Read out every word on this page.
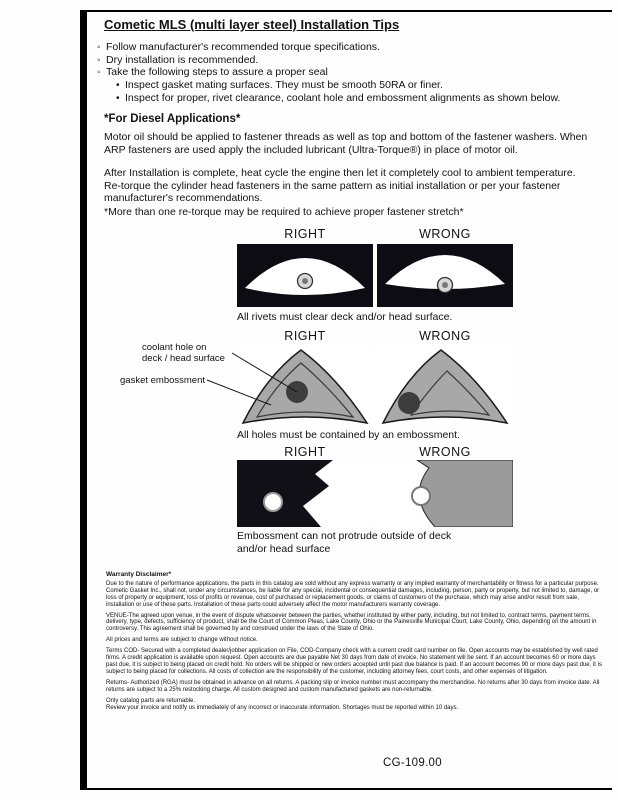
Cometic MLS (multi layer steel) Installation Tips
◦ Follow manufacturer's recommended torque specifications.
◦ Dry installation is recommended.
◦ Take the following steps to assure a proper seal
• Inspect gasket mating surfaces. They must be smooth 50RA or finer.
• Inspect for proper, rivet clearance, coolant hole and embossment alignments as shown below.
*For Diesel Applications*
Motor oil should be applied to fastener threads as well as top and bottom of the fastener washers. When ARP fasteners are used apply the included lubricant (Ultra-Torque®) in place of motor oil.
After Installation is complete, heat cycle the engine then let it completely cool to ambient temperature. Re-torque the cylinder head fasteners in the same pattern as initial installation or per your fastener manufacturer's recommendations.
*More than one re-torque may be required to achieve proper fastener stretch*
RIGHT	WRONG
All rivets must clear deck and/or head surface.
RIGHT	WRONG
coolant hole on
deck / head surface
gasket embossment
All holes must be contained by an embossment.
RIGHT	WRONG
Embossment can not protrude outside of deck and/or head surface

Warranty Disclaimer*

Due to the nature of performance applications, the parts in this catalog are sold without any express warranty or any implied warranty of merchantability or fitness for a particular purpose. Cometic Gasket Inc., shall not, under any circumstances, be liable for any special, incidental or consequential damages, including, person, party or property, but not limited to, damage, or loss of property or equipment, loss of profits or revenue, cost of purchased or replacement goods, or claims of customers of the purchase, which may arise and/or result from sale, installation or use of these parts. Installation of these parts could adversely affect the motor manufacturers warranty coverage.

VENUE-The agreed upon venue, in the event of dispute whatsoever between the parties, whether instituted by either party, including, but not limited to, contract terms, payment terms, delivery, type, defects, sufficiency of product, shall be the Court of Common Pleas, Lake County, Ohio or the Painesville Municipal Court, Lake County, Ohio, depending on the amount in controversy. This agreement shall be governed by and construed under the laws of the State of Ohio.

All prices and terms are subject to change without notice.

Terms COD- Secured with a completed dealer/jobber application on File, COD-Company check with a current credit card number on file. Open accounts may be established by well rated firms. A credit application is available upon request. Open accounts are due payable Net 30 days from date of invoice. No statement will be sent. If an account becomes 60 or more days past due, it is subject to being placed on credit hold. No orders will be shipped or new orders accepted until past due balance is paid. If an account becomes 90 or more days past due, it is subject to being placed for collections. All costs of collection are the responsibility of the customer, including attorney fees, court costs, and other expenses of litigation.

Returns- Authorized (RGA) must be obtained in advance on all returns. A packing slip or invoice number must accompany the merchandise. No returns after 30 days from invoice date. All returns are subject to a 25% restocking charge. All custom designed and custom manufactured gaskets are non-returnable.

Only catalog parts are returnable.

Review your invoice and notify us immediately of any incorrect or inaccurate information. Shortages must be reported within 10 days.

CG-109.00
